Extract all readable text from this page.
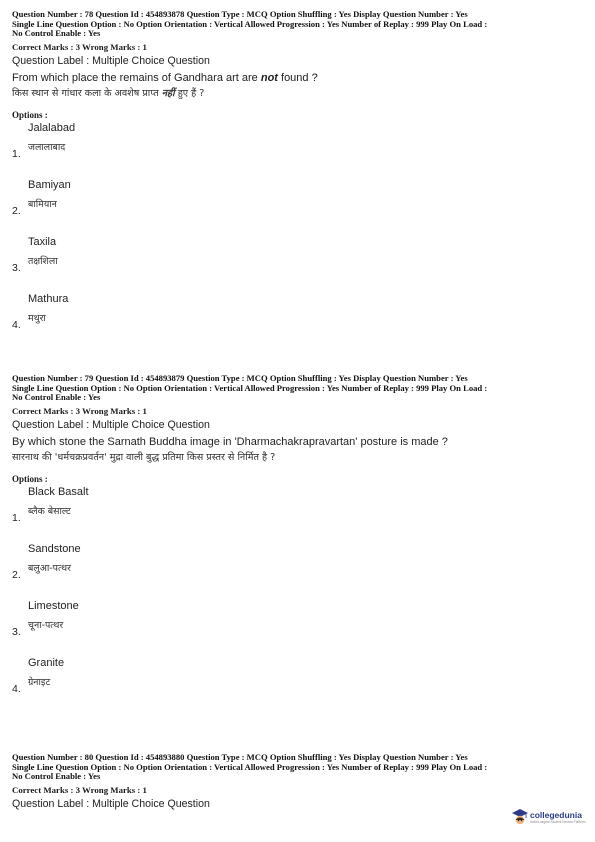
Question Number : 78 Question Id : 454893878 Question Type : MCQ Option Shuffling : Yes Display Question Number : Yes
Single Line Question Option : No Option Orientation : Vertical Allowed Progression : Yes Number of Replay : 999 Play On Load :
No Control Enable : Yes
Correct Marks : 3 Wrong Marks : 1
Question Label : Multiple Choice Question
From which place the remains of Gandhara art are not found ?
किस स्थान से गांधार कला के अवशेष प्राप्त नहीं हुए हैं ?
Options :
Jalalabad
जलालाबाद
1.
Bamiyan
बामियान
2.
Taxila
तक्षशिला
3.
Mathura
मथुरा
4.
Question Number : 79 Question Id : 454893879 Question Type : MCQ Option Shuffling : Yes Display Question Number : Yes
Single Line Question Option : No Option Orientation : Vertical Allowed Progression : Yes Number of Replay : 999 Play On Load :
No Control Enable : Yes
Correct Marks : 3 Wrong Marks : 1
Question Label : Multiple Choice Question
By which stone the Sarnath Buddha image in 'Dharmachakrapravartan' posture is made ?
सारनाथ की 'धर्मचक्रप्रवर्तन' मुद्रा वाली बुद्ध प्रतिमा किस प्रस्तर से निर्मित है ?
Options :
Black Basalt
ब्लैक बेसाल्ट
1.
Sandstone
बलुआ-पत्थर
2.
Limestone
चूना-पत्थर
3.
Granite
ग्रेनाइट
4.
Question Number : 80 Question Id : 454893880 Question Type : MCQ Option Shuffling : Yes Display Question Number : Yes
Single Line Question Option : No Option Orientation : Vertical Allowed Progression : Yes Number of Replay : 999 Play On Load :
No Control Enable : Yes
Correct Marks : 3 Wrong Marks : 1
Question Label : Multiple Choice Question
collegedunia
India's largest Student Review Platform
